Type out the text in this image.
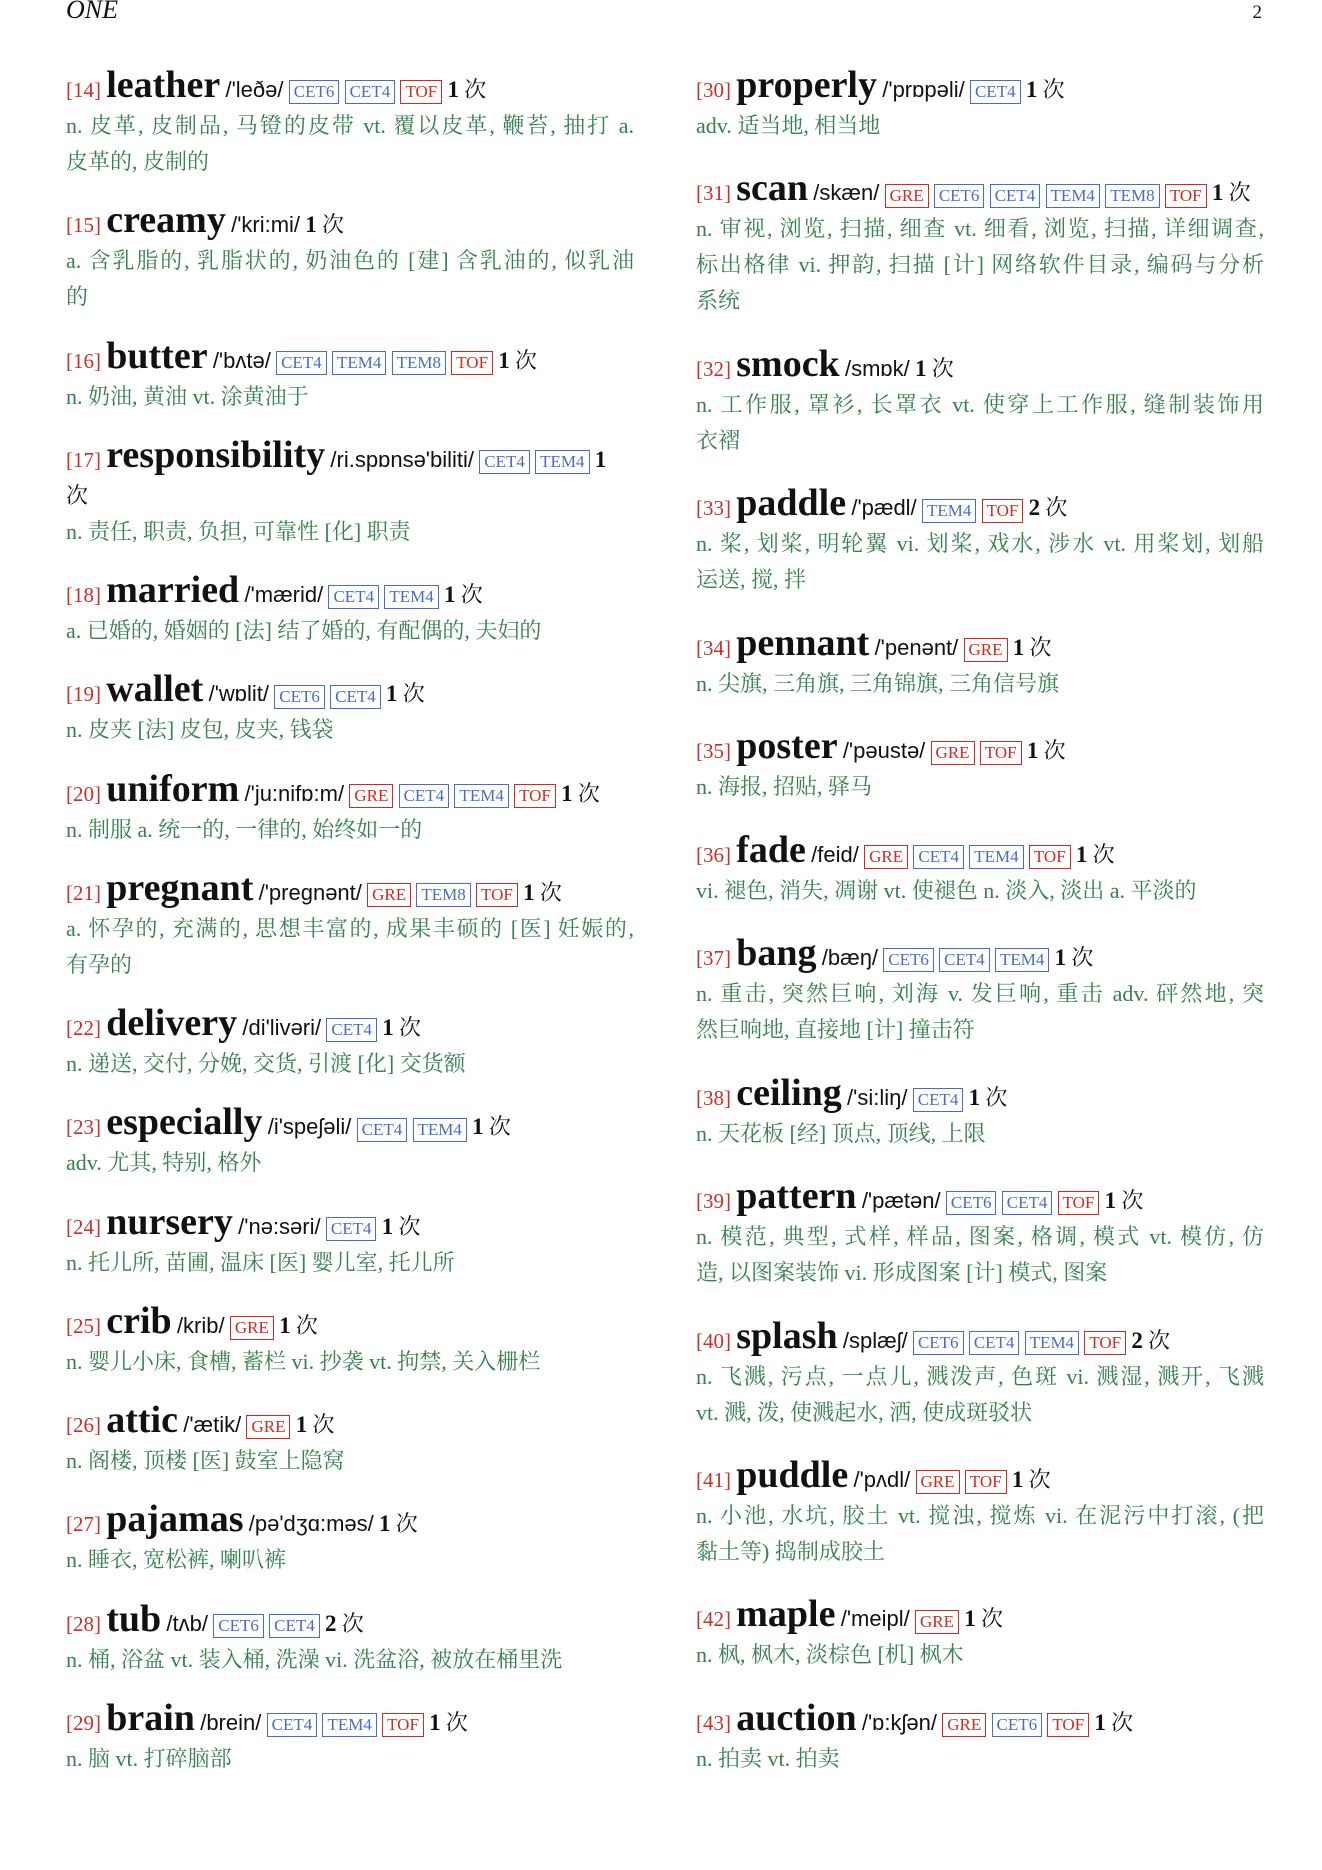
ONE	2
[14] leather /'leðə/ CET6 CET4 TOF 1 次
n. 皮革, 皮制品, 马镫的皮带 vt. 覆以皮革, 鞭苔, 抽打 a.
皮革的, 皮制的
[15] creamy /'kri:mi/ 1 次
a. 含乳脂的, 乳脂状的, 奶油色的 [建] 含乳油的, 似乳油
的
[16] butter /'bʌtə/ CET4 TEM4 TEM8 TOF 1 次
n. 奶油, 黄油 vt. 涂黄油于
[17] responsibility /ri.spɒnsə'biliti/ CET4 TEM4 1
次
n. 责任, 职责, 负担, 可靠性 [化] 职责
[18] married /'mærid/ CET4 TEM4 1 次
a. 已婚的, 婚姻的 [法] 结了婚的, 有配偶的, 夫妇的
[19] wallet /'wɒlit/ CET6 CET4 1 次
n. 皮夹 [法] 皮包, 皮夹, 钱袋
[20] uniform /'ju:nifɒ:m/ GRE CET4 TEM4 TOF 1 次
n. 制服 a. 统一的, 一律的, 始终如一的
[21] pregnant /'pregnənt/ GRE TEM8 TOF 1 次
a. 怀孕的, 充满的, 思想丰富的, 成果丰硕的 [医] 妊娠的,
有孕的
[22] delivery /di'livəri/ CET4 1 次
n. 递送, 交付, 分娩, 交货, 引渡 [化] 交货额
[23] especially /i'speʃəli/ CET4 TEM4 1 次
adv. 尤其, 特别, 格外
[24] nursery /'nə:səri/ CET4 1 次
n. 托儿所, 苗圃, 温床 [医] 婴儿室, 托儿所
[25] crib /krib/ GRE 1 次
n. 婴儿小床, 食槽, 蓄栏 vi. 抄袭 vt. 拘禁, 关入栅栏
[26] attic /'ætik/ GRE 1 次
n. 阁楼, 顶楼 [医] 鼓室上隐窝
[27] pajamas /pə'dʒɑ:məs/ 1 次
n. 睡衣, 宽松裤, 喇叭裤
[28] tub /tʌb/ CET6 CET4 2 次
n. 桶, 浴盆 vt. 装入桶, 洗澡 vi. 洗盆浴, 被放在桶里洗
[29] brain /brein/ CET4 TEM4 TOF 1 次
n. 脑 vt. 打碎脑部
[30] properly /'prɒpəli/ CET4 1 次
adv. 适当地, 相当地
[31] scan /skæn/ GRE CET6 CET4 TEM4 TEM8 TOF 1 次
n. 审视, 浏览, 扫描, 细查 vt. 细看, 浏览, 扫描, 详细调查,
标出格律 vi. 押韵, 扫描 [计] 网络软件目录, 编码与分析
系统
[32] smock /smɒk/ 1 次
n. 工作服, 罩衫, 长罩衣 vt. 使穿上工作服, 缝制装饰用
衣褶
[33] paddle /'pædl/ TEM4 TOF 2 次
n. 桨, 划桨, 明轮翼 vi. 划桨, 戏水, 涉水 vt. 用桨划, 划船
运送, 搅, 拌
[34] pennant /'penənt/ GRE 1 次
n. 尖旗, 三角旗, 三角锦旗, 三角信号旗
[35] poster /'pəustə/ GRE TOF 1 次
n. 海报, 招贴, 驿马
[36] fade /feid/ GRE CET4 TEM4 TOF 1 次
vi. 褪色, 消失, 凋谢 vt. 使褪色 n. 淡入, 淡出 a. 平淡的
[37] bang /bæŋ/ CET6 CET4 TEM4 1 次
n. 重击, 突然巨响, 刘海 v. 发巨响, 重击 adv. 砰然地, 突
然巨响地, 直接地 [计] 撞击符
[38] ceiling /'si:liŋ/ CET4 1 次
n. 天花板 [经] 顶点, 顶线, 上限
[39] pattern /'pætən/ CET6 CET4 TOF 1 次
n. 模范, 典型, 式样, 样品, 图案, 格调, 模式 vt. 模仿, 仿
造, 以图案装饰 vi. 形成图案 [计] 模式, 图案
[40] splash /splæʃ/ CET6 CET4 TEM4 TOF 2 次
n. 飞溅, 污点, 一点儿, 溅泼声, 色斑 vi. 溅湿, 溅开, 飞溅
vt. 溅, 泼, 使溅起水, 洒, 使成斑驳状
[41] puddle /'pʌdl/ GRE TOF 1 次
n. 小池, 水坑, 胶土 vt. 搅浊, 搅炼 vi. 在泥污中打滚, (把
黏土等) 捣制成胶土
[42] maple /'meipl/ GRE 1 次
n. 枫, 枫木, 淡棕色 [机] 枫木
[43] auction /'ɒ:kʃən/ GRE CET6 TOF 1 次
n. 拍卖 vt. 拍卖
